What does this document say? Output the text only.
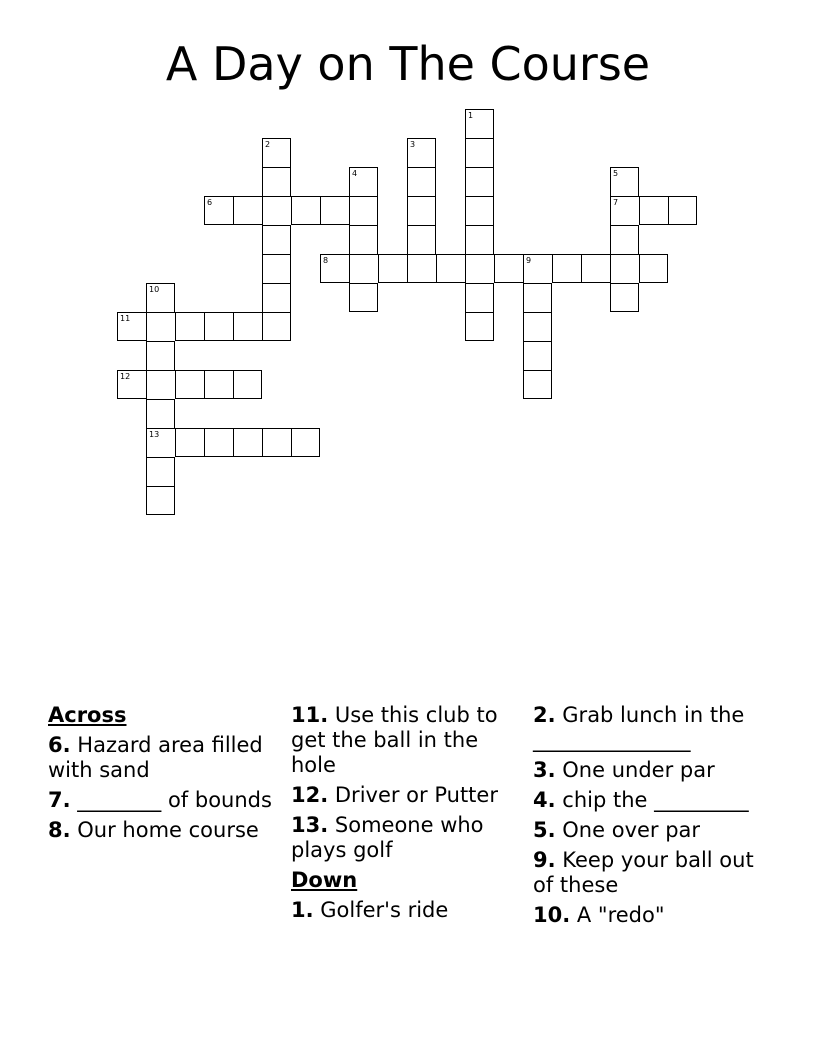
A Day on The Course
1
2	3
4	5
7
6
8	9
10
11
12
13
Across
6. Hazard area filled with sand
7. ________ of bounds
8. Our home course
11. Use this club to get the ball in the hole
12. Driver or Putter
13. Someone who plays golf
Down
1. Golfer's ride
2. Grab lunch in the _______________
3. One under par
4. chip the _________
5. One over par
9. Keep your ball out of these
10. A "redo"
